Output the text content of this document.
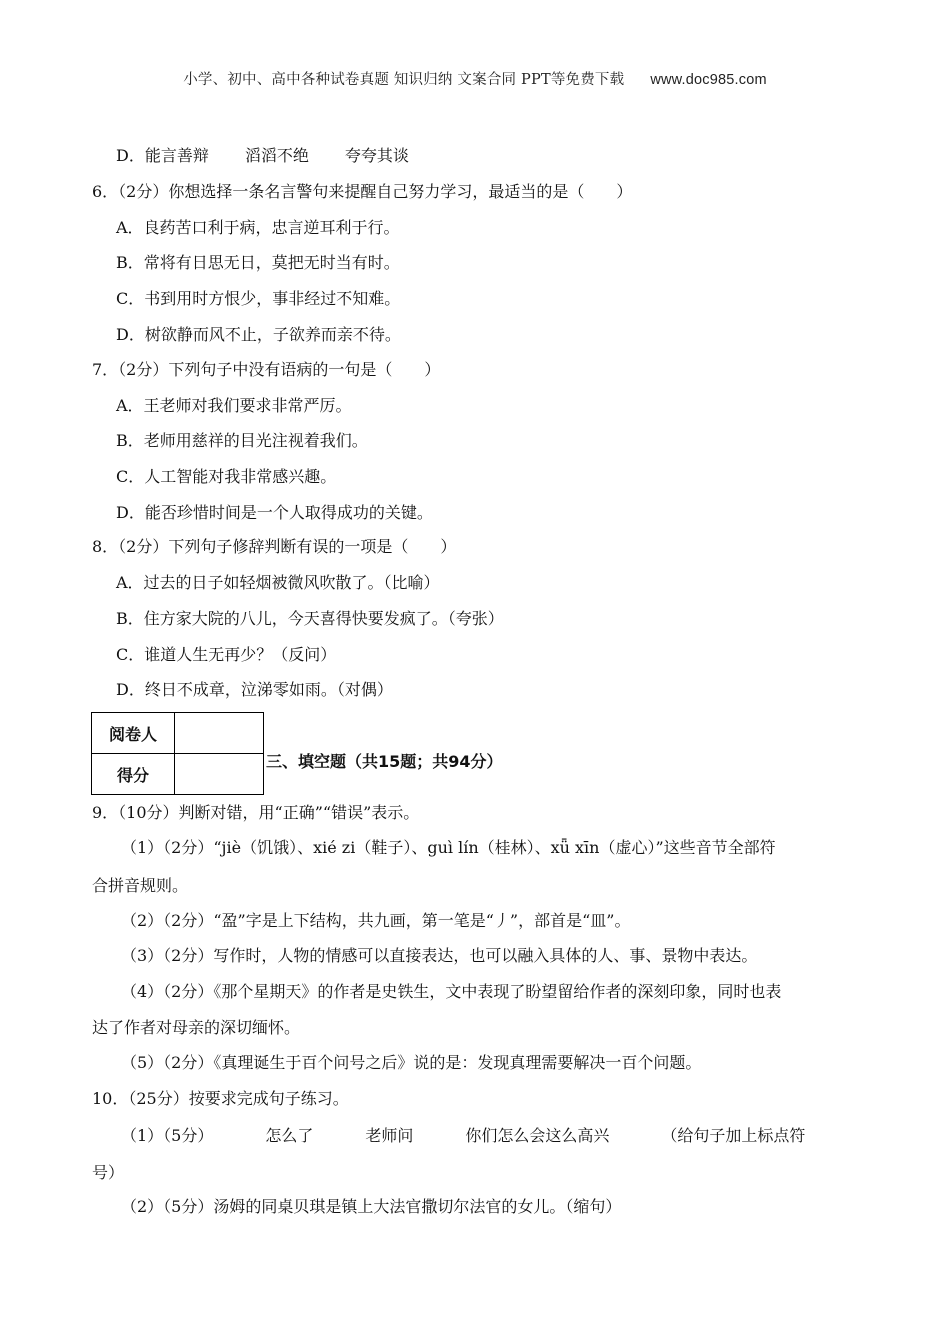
小学、初中、高中各种试卷真题 知识归纳 文案合同 PPT等免费下载 www.doc985.com
D．能言善辩 滔滔不绝 夸夸其谈
6．（2分）你想选择一条名言警句来提醒自己努力学习，最适当的是（　　）
A．良药苦口利于病，忠言逆耳利于行。
B．常将有日思无日，莫把无时当有时。
C．书到用时方恨少，事非经过不知难。
D．树欲静而风不止，子欲养而亲不待。
7．（2分）下列句子中没有语病的一句是（　　）
A．王老师对我们要求非常严厉。
B．老师用慈祥的目光注视着我们。
C．人工智能对我非常感兴趣。
D．能否珍惜时间是一个人取得成功的关键。
8．（2分）下列句子修辞判断有误的一项是（　　）
A．过去的日子如轻烟被微风吹散了。（比喻）
B．住方家大院的八儿，今天喜得快要发疯了。（夸张）
C．谁道人生无再少？（反问）
D．终日不成章，泣涕零如雨。（对偶）
阅卷人	
得分	
三、填空题（共15题；共94分）
9．（10分）判断对错，用“正确”“错误”表示。
（1）（2分）“jiè（饥饿）、xié zi（鞋子）、guì lín（桂林）、xǖ xīn（虚心）”这些音节全部符
合拼音规则。
（2）（2分）“盈”字是上下结构，共九画，第一笔是“丿”，部首是“皿”。
（3）（2分）写作时，人物的情感可以直接表达，也可以融入具体的人、事、景物中表达。
（4）（2分）《那个星期天》的作者是史铁生，文中表现了盼望留给作者的深刻印象，同时也表
达了作者对母亲的深切缅怀。
（5）（2分）《真理诞生于百个问号之后》说的是：发现真理需要解决一百个问题。
10．（25分）按要求完成句子练习。
（1）（5分）	怎么了	老师问	你们怎么会这么高兴	（给句子加上标点符
号）
（2）（5分）汤姆的同桌贝琪是镇上大法官撒切尔法官的女儿。（缩句）
